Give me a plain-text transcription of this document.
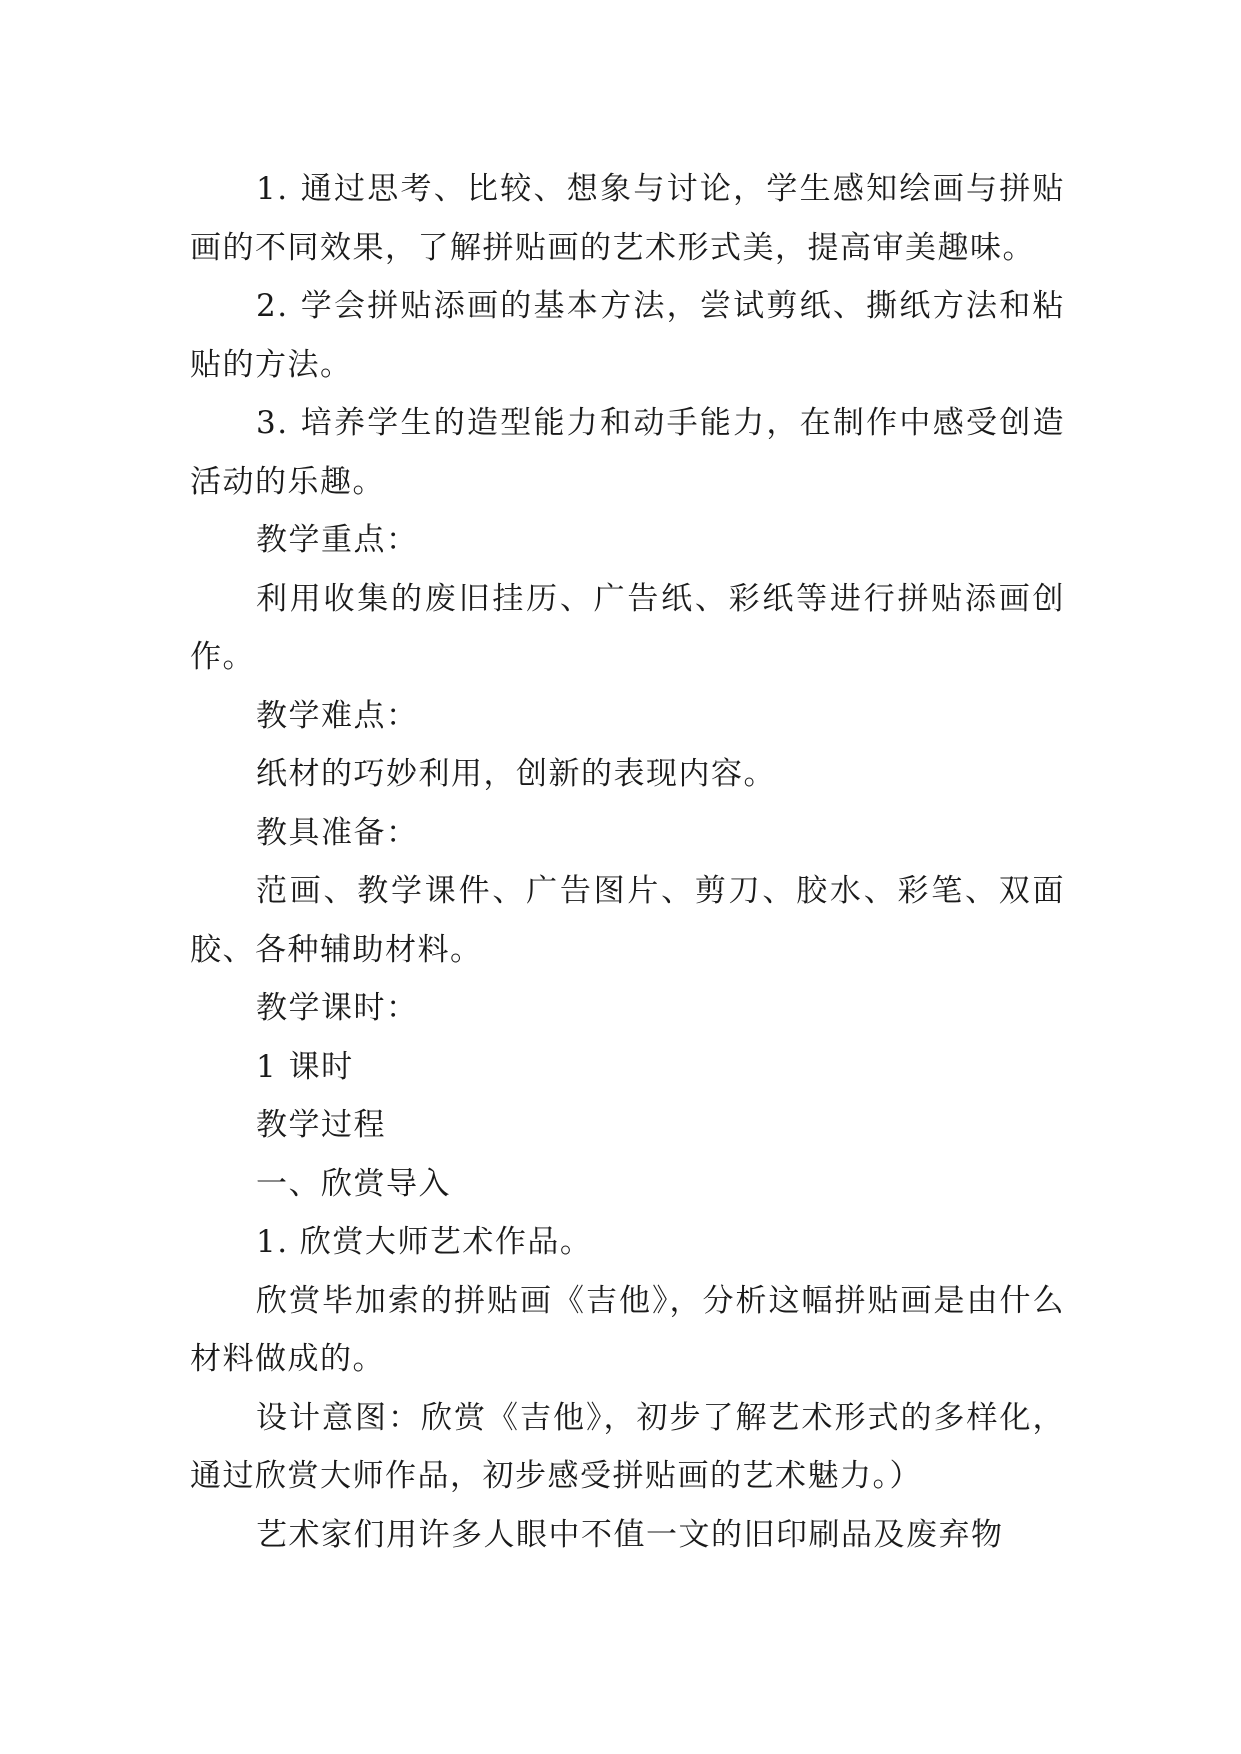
1. 通过思考、比较、想象与讨论，学生感知绘画与拼贴画的不同效果，了解拼贴画的艺术形式美，提高审美趣味。

2. 学会拼贴添画的基本方法，尝试剪纸、撕纸方法和粘贴的方法。

3. 培养学生的造型能力和动手能力，在制作中感受创造活动的乐趣。

教学重点：

利用收集的废旧挂历、广告纸、彩纸等进行拼贴添画创作。

教学难点：

纸材的巧妙利用，创新的表现内容。

教具准备：

范画、教学课件、广告图片、剪刀、胶水、彩笔、双面胶、各种辅助材料。

教学课时：

1 课时

教学过程

一、欣赏导入

1. 欣赏大师艺术作品。

欣赏毕加索的拼贴画《吉他》，分析这幅拼贴画是由什么材料做成的。

设计意图：欣赏《吉他》，初步了解艺术形式的多样化，通过欣赏大师作品，初步感受拼贴画的艺术魅力。）

艺术家们用许多人眼中不值一文的旧印刷品及废弃物
